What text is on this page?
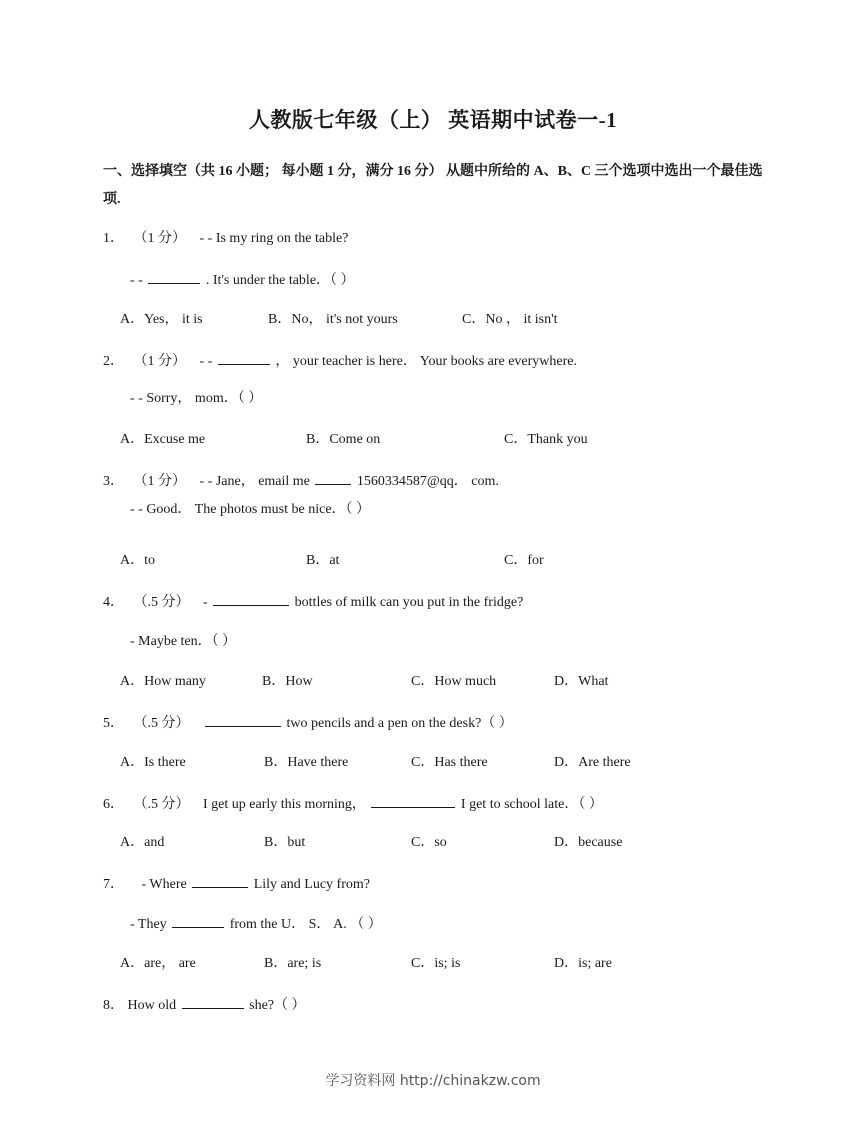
人教版七年级（上） 英语期中试卷一-1
一、选择填空（共 16 小题； 每小题 1 分，满分 16 分） 从题中所给的 A、B、C 三个选项中选出一个最佳选项.
1． （1 分） - - Is my ring on the table?
- -	. It's under the table．（ ）
A．Yes， it is	B．No， it's not yours	C．No ， it isn't
2． （1 分） - -	， your teacher is here． Your books are everywhere.
- - Sorry， mom．（ ）
A．Excuse me	B．Come on	C．Thank you
3． （1 分） - - Jane， email me	1560334587@qq． com.
- - Good． The photos must be nice．（ ）
A．to	B．at	C．for
4． （.5 分） -	bottles of milk can you put in the fridge?
- Maybe ten．（ ）
A．How many	B．How	C．How much	D．What
5． （.5 分）	two pencils and a pen on the desk?（ ）
A．Is there	B．Have there	C．Has there	D．Are there
6． （.5 分） I get up early this morning，	I get to school late．（ ）
A．and	B．but	C．so	D．because
7． - Where	Lily and Lucy from?
- They	from the U． S． A. （ ）
A．are， are	B．are; is	C．is; is	D．is; are
8． How old	she?（ ）
学习资料网 http://chinakzw.com
